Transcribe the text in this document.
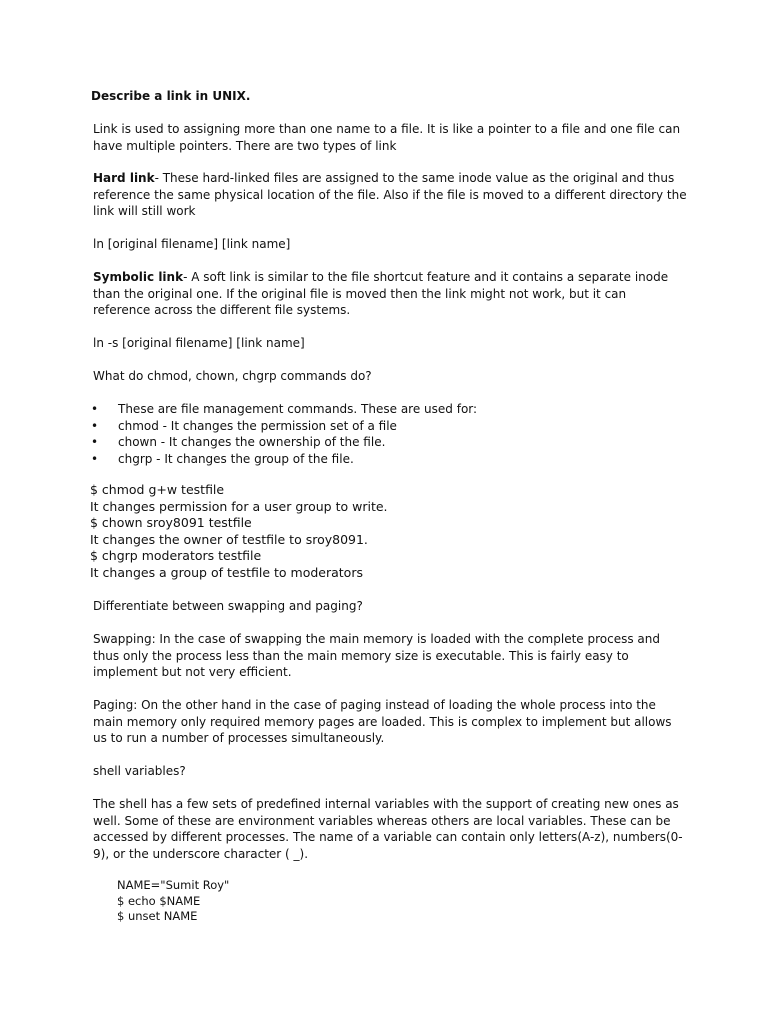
Describe a link in UNIX.
Link is used to assigning more than one name to a file. It is like a pointer to a file and one file can
have multiple pointers. There are two types of link
Hard link- These hard-linked files are assigned to the same inode value as the original and thus
reference the same physical location of the file. Also if the file is moved to a different directory the
link will still work
ln [original filename] [link name]
Symbolic link- A soft link is similar to the file shortcut feature and it contains a separate inode
than the original one. If the original file is moved then the link might not work, but it can
reference across the different file systems.
ln -s [original filename] [link name]
What do chmod, chown, chgrp commands do?
• These are file management commands. These are used for:
• chmod - It changes the permission set of a file
• chown - It changes the ownership of the file.
• chgrp - It changes the group of the file.
$ chmod g+w testfile
It changes permission for a user group to write.
$ chown sroy8091 testfile
It changes the owner of testfile to sroy8091.
$ chgrp moderators testfile
It changes a group of testfile to moderators
Differentiate between swapping and paging?
Swapping: In the case of swapping the main memory is loaded with the complete process and
thus only the process less than the main memory size is executable. This is fairly easy to
implement but not very efficient.
Paging: On the other hand in the case of paging instead of loading the whole process into the
main memory only required memory pages are loaded. This is complex to implement but allows
us to run a number of processes simultaneously.
shell variables?
The shell has a few sets of predefined internal variables with the support of creating new ones as
well. Some of these are environment variables whereas others are local variables. These can be
accessed by different processes. The name of a variable can contain only letters(A-z), numbers(0-
9), or the underscore character ( _).
NAME="Sumit Roy"
$ echo $NAME
$ unset NAME
